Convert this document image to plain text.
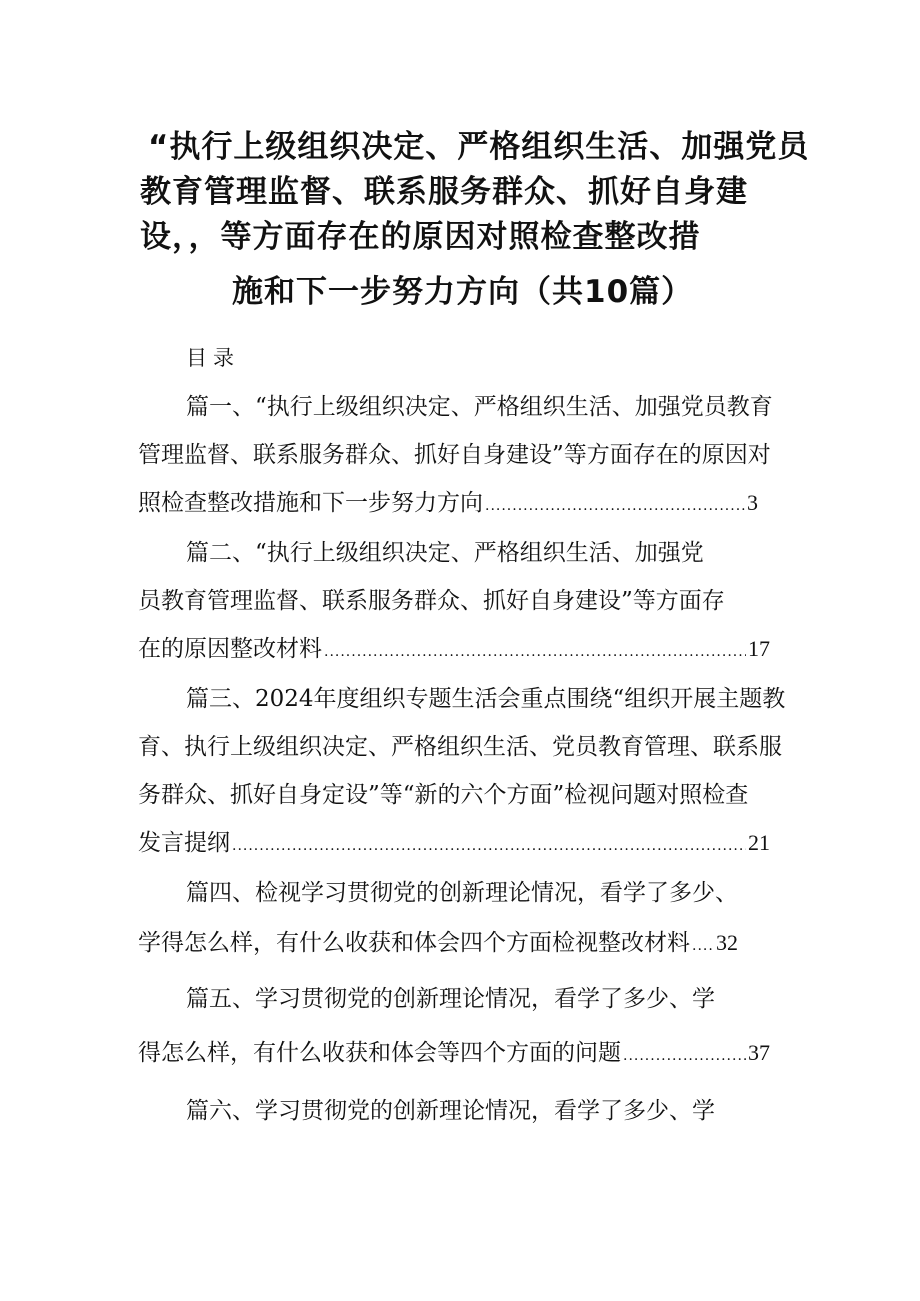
“执行上级组织决定、严格组织生活、加强党员
教育管理监督、联系服务群众、抓好自身建
设，，等方面存在的原因对照检查整改措
施和下一步努力方向（共10篇）
目录
篇一、“执行上级组织决定、严格组织生活、加强党员教育
管理监督、联系服务群众、抓好自身建设”等方面存在的原因对
照检查整改措施和下一步努力方向 .....	3
篇二、“执行上级组织决定、严格组织生活、加强党
员教育管理监督、联系服务群众、抓好自身建设”等方面存
在的原因整改材料 .....	17
篇三、2024年度组织专题生活会重点围绕“组织开展主题教
育、执行上级组织决定、严格组织生活、党员教育管理、联系服
务群众、抓好自身定设”等“新的六个方面”检视问题对照检查
发言提纲 .....	21
篇四、检视学习贯彻党的创新理论情况，看学了多少、
学得怎么样，有什么收获和体会四个方面检视整改材料 ..... 32
篇五、学习贯彻党的创新理论情况，看学了多少、学
得怎么样，有什么收获和体会等四个方面的问题 .....	37
篇六、学习贯彻党的创新理论情况，看学了多少、学
